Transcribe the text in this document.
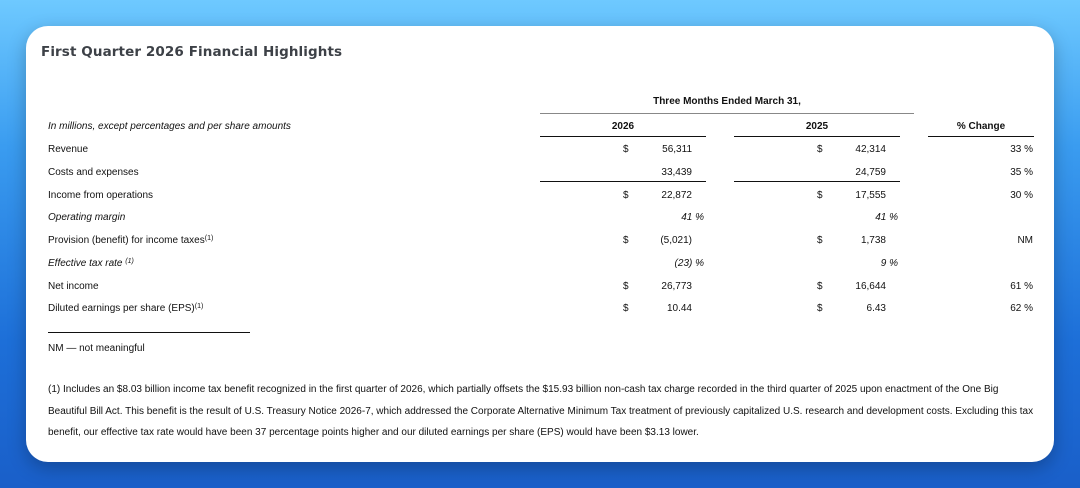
First Quarter 2026 Financial Highlights
Three Months Ended March 31,
In millions, except percentages and per share amounts	2026	2025	% Change
Revenue	$	56,311	$	42,314	33 %
Costs and expenses	33,439	24,759	35 %
Income from operations	$	22,872	$	17,555	30 %
Operating margin	41 %	41 %
Provision (benefit) for income taxes$^{(1)}$	$	(5,021)	$	1,738	NM
Effective tax rate $^{(1)}$	(23) %	9 %
Net income	$	26,773	$	16,644	61 %
Diluted earnings per share (EPS)$^{(1)}$	$	10.44	$	6.43	62 %
NM — not meaningful
(1) Includes an $8.03 billion income tax benefit recognized in the first quarter of 2026, which partially offsets the $15.93 billion non-cash tax charge recorded in the third quarter of 2025 upon enactment of the One Big Beautiful Bill Act. This benefit is the result of U.S. Treasury Notice 2026-7, which addressed the Corporate Alternative Minimum Tax treatment of previously capitalized U.S. research and development costs. Excluding this tax benefit, our effective tax rate would have been 37 percentage points higher and our diluted earnings per share (EPS) would have been $3.13 lower.
